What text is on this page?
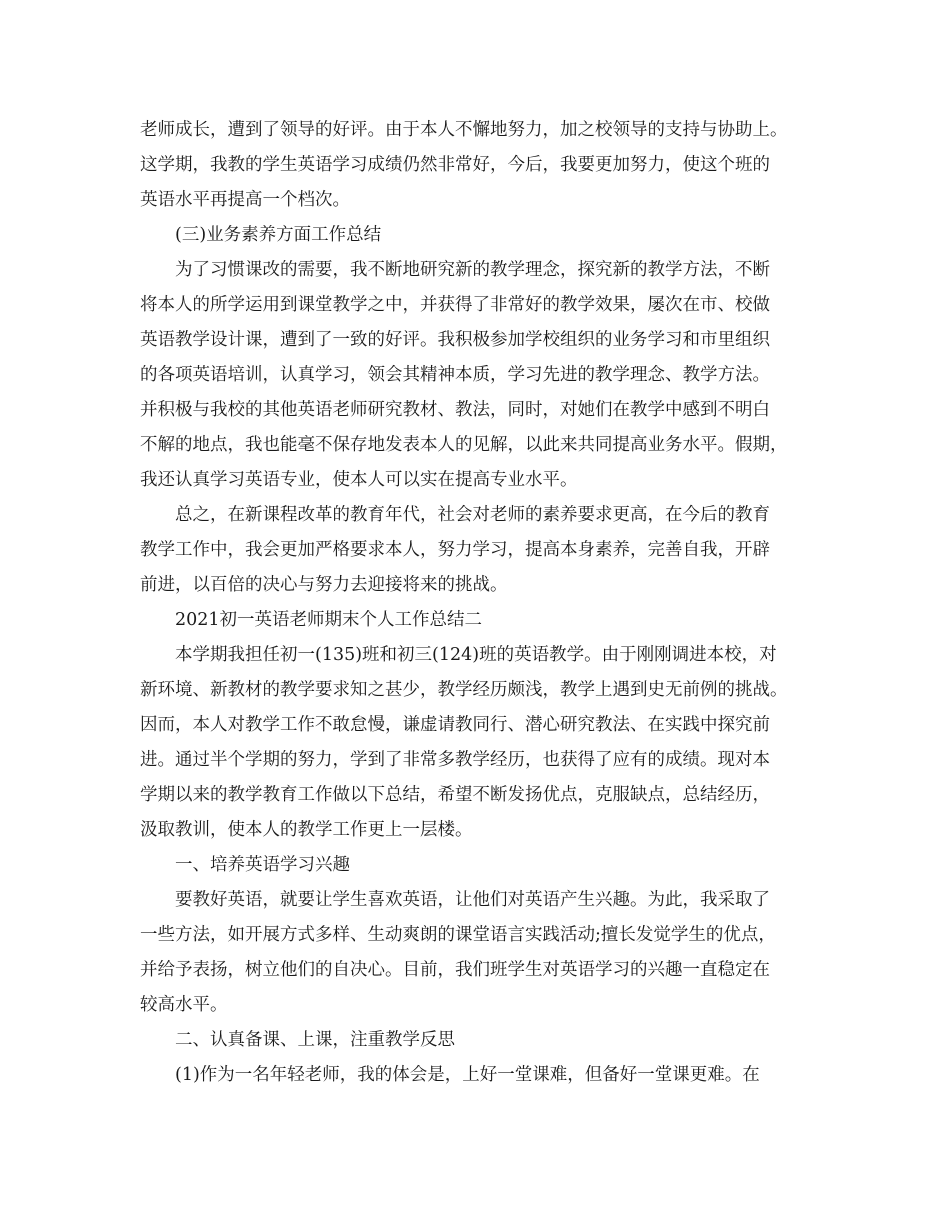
老师成长，遭到了领导的好评。由于本人不懈地努力，加之校领导的支持与协助上。
这学期，我教的学生英语学习成绩仍然非常好，今后，我要更加努力，使这个班的
英语水平再提高一个档次。
(三)业务素养方面工作总结
为了习惯课改的需要，我不断地研究新的教学理念，探究新的教学方法，不断
将本人的所学运用到课堂教学之中，并获得了非常好的教学效果，屡次在市、校做
英语教学设计课，遭到了一致的好评。我积极参加学校组织的业务学习和市里组织
的各项英语培训，认真学习，领会其精神本质，学习先进的教学理念、教学方法。
并积极与我校的其他英语老师研究教材、教法，同时，对她们在教学中感到不明白
不解的地点，我也能毫不保存地发表本人的见解，以此来共同提高业务水平。假期，
我还认真学习英语专业，使本人可以实在提高专业水平。
总之，在新课程改革的教育年代，社会对老师的素养要求更高，在今后的教育
教学工作中，我会更加严格要求本人，努力学习，提高本身素养，完善自我，开辟
前进，以百倍的决心与努力去迎接将来的挑战。
2021初一英语老师期末个人工作总结二
本学期我担任初一(135)班和初三(124)班的英语教学。由于刚刚调进本校，对
新环境、新教材的教学要求知之甚少，教学经历颇浅，教学上遇到史无前例的挑战。
因而，本人对教学工作不敢怠慢，谦虚请教同行、潜心研究教法、在实践中探究前
进。通过半个学期的努力，学到了非常多教学经历，也获得了应有的成绩。现对本
学期以来的教学教育工作做以下总结，希望不断发扬优点，克服缺点，总结经历，
汲取教训，使本人的教学工作更上一层楼。
一、培养英语学习兴趣
要教好英语，就要让学生喜欢英语，让他们对英语产生兴趣。为此，我采取了
一些方法，如开展方式多样、生动爽朗的课堂语言实践活动;擅长发觉学生的优点，
并给予表扬，树立他们的自决心。目前，我们班学生对英语学习的兴趣一直稳定在
较高水平。
二、认真备课、上课，注重教学反思
(1)作为一名年轻老师，我的体会是，上好一堂课难，但备好一堂课更难。在
